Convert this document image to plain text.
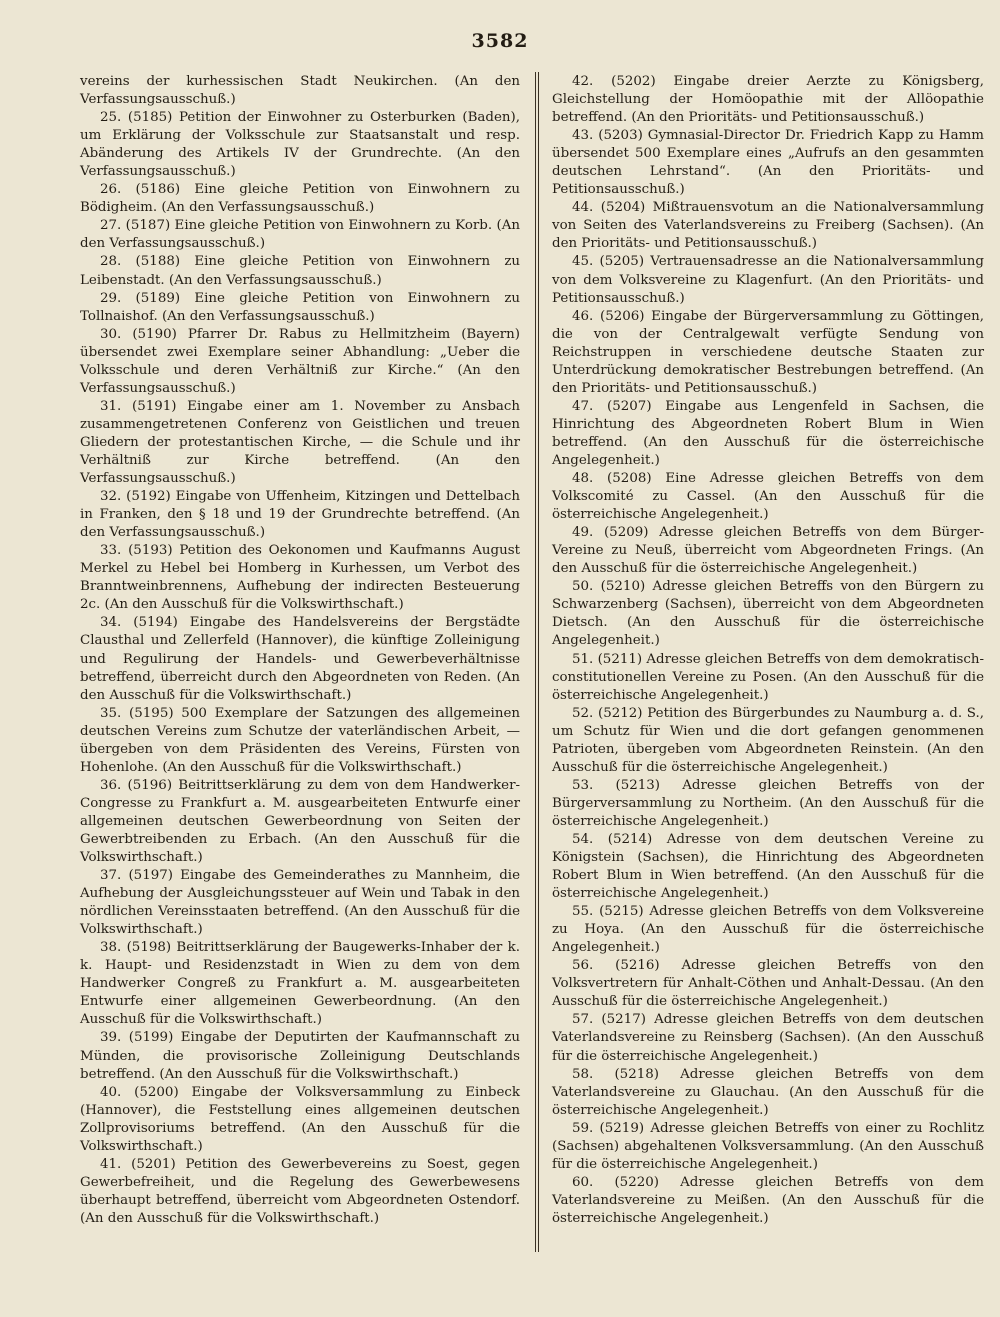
3582

vereins der kurhessischen Stadt Neukirchen. (An den Verfassungsausschuß.)

25. (5185) Petition der Einwohner zu Osterburken (Baden), um Erklärung der Volksschule zur Staatsanstalt und resp. Abänderung des Artikels IV der Grundrechte. (An den Verfassungsausschuß.)

26. (5186) Eine gleiche Petition von Einwohnern zu Bödigheim. (An den Verfassungsausschuß.)

27. (5187) Eine gleiche Petition von Einwohnern zu Korb. (An den Verfassungsausschuß.)

28. (5188) Eine gleiche Petition von Einwohnern zu Leibenstadt. (An den Verfassungsausschuß.)

29. (5189) Eine gleiche Petition von Einwohnern zu Tollnaishof. (An den Verfassungsausschuß.)

30. (5190) Pfarrer Dr. Rabus zu Hellmitzheim (Bayern) übersendet zwei Exemplare seiner Abhandlung: „Ueber die Volksschule und deren Verhältniß zur Kirche.“ (An den Verfassungsausschuß.)

31. (5191) Eingabe einer am 1. November zu Ansbach zusammengetretenen Conferenz von Geistlichen und treuen Gliedern der protestantischen Kirche, — die Schule und ihr Verhältniß zur Kirche betreffend. (An den Verfassungsausschuß.)

32. (5192) Eingabe von Uffenheim, Kitzingen und Dettelbach in Franken, den § 18 und 19 der Grundrechte betreffend. (An den Verfassungsausschuß.)

33. (5193) Petition des Oekonomen und Kaufmanns August Merkel zu Hebel bei Homberg in Kurhessen, um Verbot des Branntweinbrennens, Aufhebung der indirecten Besteuerung 2c. (An den Ausschuß für die Volkswirthschaft.)

34. (5194) Eingabe des Handelsvereins der Bergstädte Clausthal und Zellerfeld (Hannover), die künftige Zolleinigung und Regulirung der Handels- und Gewerbeverhältnisse betreffend, überreicht durch den Abgeordneten von Reden. (An den Ausschuß für die Volkswirthschaft.)

35. (5195) 500 Exemplare der Satzungen des allgemeinen deutschen Vereins zum Schutze der vaterländischen Arbeit, — übergeben von dem Präsidenten des Vereins, Fürsten von Hohenlohe. (An den Ausschuß für die Volkswirthschaft.)

36. (5196) Beitrittserklärung zu dem von dem Handwerker-Congresse zu Frankfurt a. M. ausgearbeiteten Entwurfe einer allgemeinen deutschen Gewerbeordnung von Seiten der Gewerbtreibenden zu Erbach. (An den Ausschuß für die Volkswirthschaft.)

37. (5197) Eingabe des Gemeinderathes zu Mannheim, die Aufhebung der Ausgleichungssteuer auf Wein und Tabak in den nördlichen Vereinsstaaten betreffend. (An den Ausschuß für die Volkswirthschaft.)

38. (5198) Beitrittserklärung der Baugewerks-Inhaber der k. k. Haupt- und Residenzstadt in Wien zu dem von dem Handwerker Congreß zu Frankfurt a. M. ausgearbeiteten Entwurfe einer allgemeinen Gewerbeordnung. (An den Ausschuß für die Volkswirthschaft.)

39. (5199) Eingabe der Deputirten der Kaufmannschaft zu Münden, die provisorische Zolleinigung Deutschlands betreffend. (An den Ausschuß für die Volkswirthschaft.)

40. (5200) Eingabe der Volksversammlung zu Einbeck (Hannover), die Feststellung eines allgemeinen deutschen Zollprovisoriums betreffend. (An den Ausschuß für die Volkswirthschaft.)

41. (5201) Petition des Gewerbevereins zu Soest, gegen Gewerbefreiheit, und die Regelung des Gewerbewesens überhaupt betreffend, überreicht vom Abgeordneten Ostendorf. (An den Ausschuß für die Volkswirthschaft.)

42. (5202) Eingabe dreier Aerzte zu Königsberg, Gleichstellung der Homöopathie mit der Allöopathie betreffend. (An den Prioritäts- und Petitionsausschuß.)

43. (5203) Gymnasial-Director Dr. Friedrich Kapp zu Hamm übersendet 500 Exemplare eines „Aufrufs an den gesammten deutschen Lehrstand“. (An den Prioritäts- und Petitionsausschuß.)

44. (5204) Mißtrauensvotum an die Nationalversammlung von Seiten des Vaterlandsvereins zu Freiberg (Sachsen). (An den Prioritäts- und Petitionsausschuß.)

45. (5205) Vertrauensadresse an die Nationalversammlung von dem Volksvereine zu Klagenfurt. (An den Prioritäts- und Petitionsausschuß.)

46. (5206) Eingabe der Bürgerversammlung zu Göttingen, die von der Centralgewalt verfügte Sendung von Reichstruppen in verschiedene deutsche Staaten zur Unterdrückung demokratischer Bestrebungen betreffend. (An den Prioritäts- und Petitionsausschuß.)

47. (5207) Eingabe aus Lengenfeld in Sachsen, die Hinrichtung des Abgeordneten Robert Blum in Wien betreffend. (An den Ausschuß für die österreichische Angelegenheit.)

48. (5208) Eine Adresse gleichen Betreffs von dem Volkscomité zu Cassel. (An den Ausschuß für die österreichische Angelegenheit.)

49. (5209) Adresse gleichen Betreffs von dem Bürger-Vereine zu Neuß, überreicht vom Abgeordneten Frings. (An den Ausschuß für die österreichische Angelegenheit.)

50. (5210) Adresse gleichen Betreffs von den Bürgern zu Schwarzenberg (Sachsen), überreicht von dem Abgeordneten Dietsch. (An den Ausschuß für die österreichische Angelegenheit.)

51. (5211) Adresse gleichen Betreffs von dem demokratisch-constitutionellen Vereine zu Posen. (An den Ausschuß für die österreichische Angelegenheit.)

52. (5212) Petition des Bürgerbundes zu Naumburg a. d. S., um Schutz für Wien und die dort gefangen genommenen Patrioten, übergeben vom Abgeordneten Reinstein. (An den Ausschuß für die österreichische Angelegenheit.)

53. (5213) Adresse gleichen Betreffs von der Bürgerversammlung zu Northeim. (An den Ausschuß für die österreichische Angelegenheit.)

54. (5214) Adresse von dem deutschen Vereine zu Königstein (Sachsen), die Hinrichtung des Abgeordneten Robert Blum in Wien betreffend. (An den Ausschuß für die österreichische Angelegenheit.)

55. (5215) Adresse gleichen Betreffs von dem Volksvereine zu Hoya. (An den Ausschuß für die österreichische Angelegenheit.)

56. (5216) Adresse gleichen Betreffs von den Volksvertretern für Anhalt-Cöthen und Anhalt-Dessau. (An den Ausschuß für die österreichische Angelegenheit.)

57. (5217) Adresse gleichen Betreffs von dem deutschen Vaterlandsvereine zu Reinsberg (Sachsen). (An den Ausschuß für die österreichische Angelegenheit.)

58. (5218) Adresse gleichen Betreffs von dem Vaterlandsvereine zu Glauchau. (An den Ausschuß für die österreichische Angelegenheit.)

59. (5219) Adresse gleichen Betreffs von einer zu Rochlitz (Sachsen) abgehaltenen Volksversammlung. (An den Ausschuß für die österreichische Angelegenheit.)

60. (5220) Adresse gleichen Betreffs von dem Vaterlandsvereine zu Meißen. (An den Ausschuß für die österreichische Angelegenheit.)
